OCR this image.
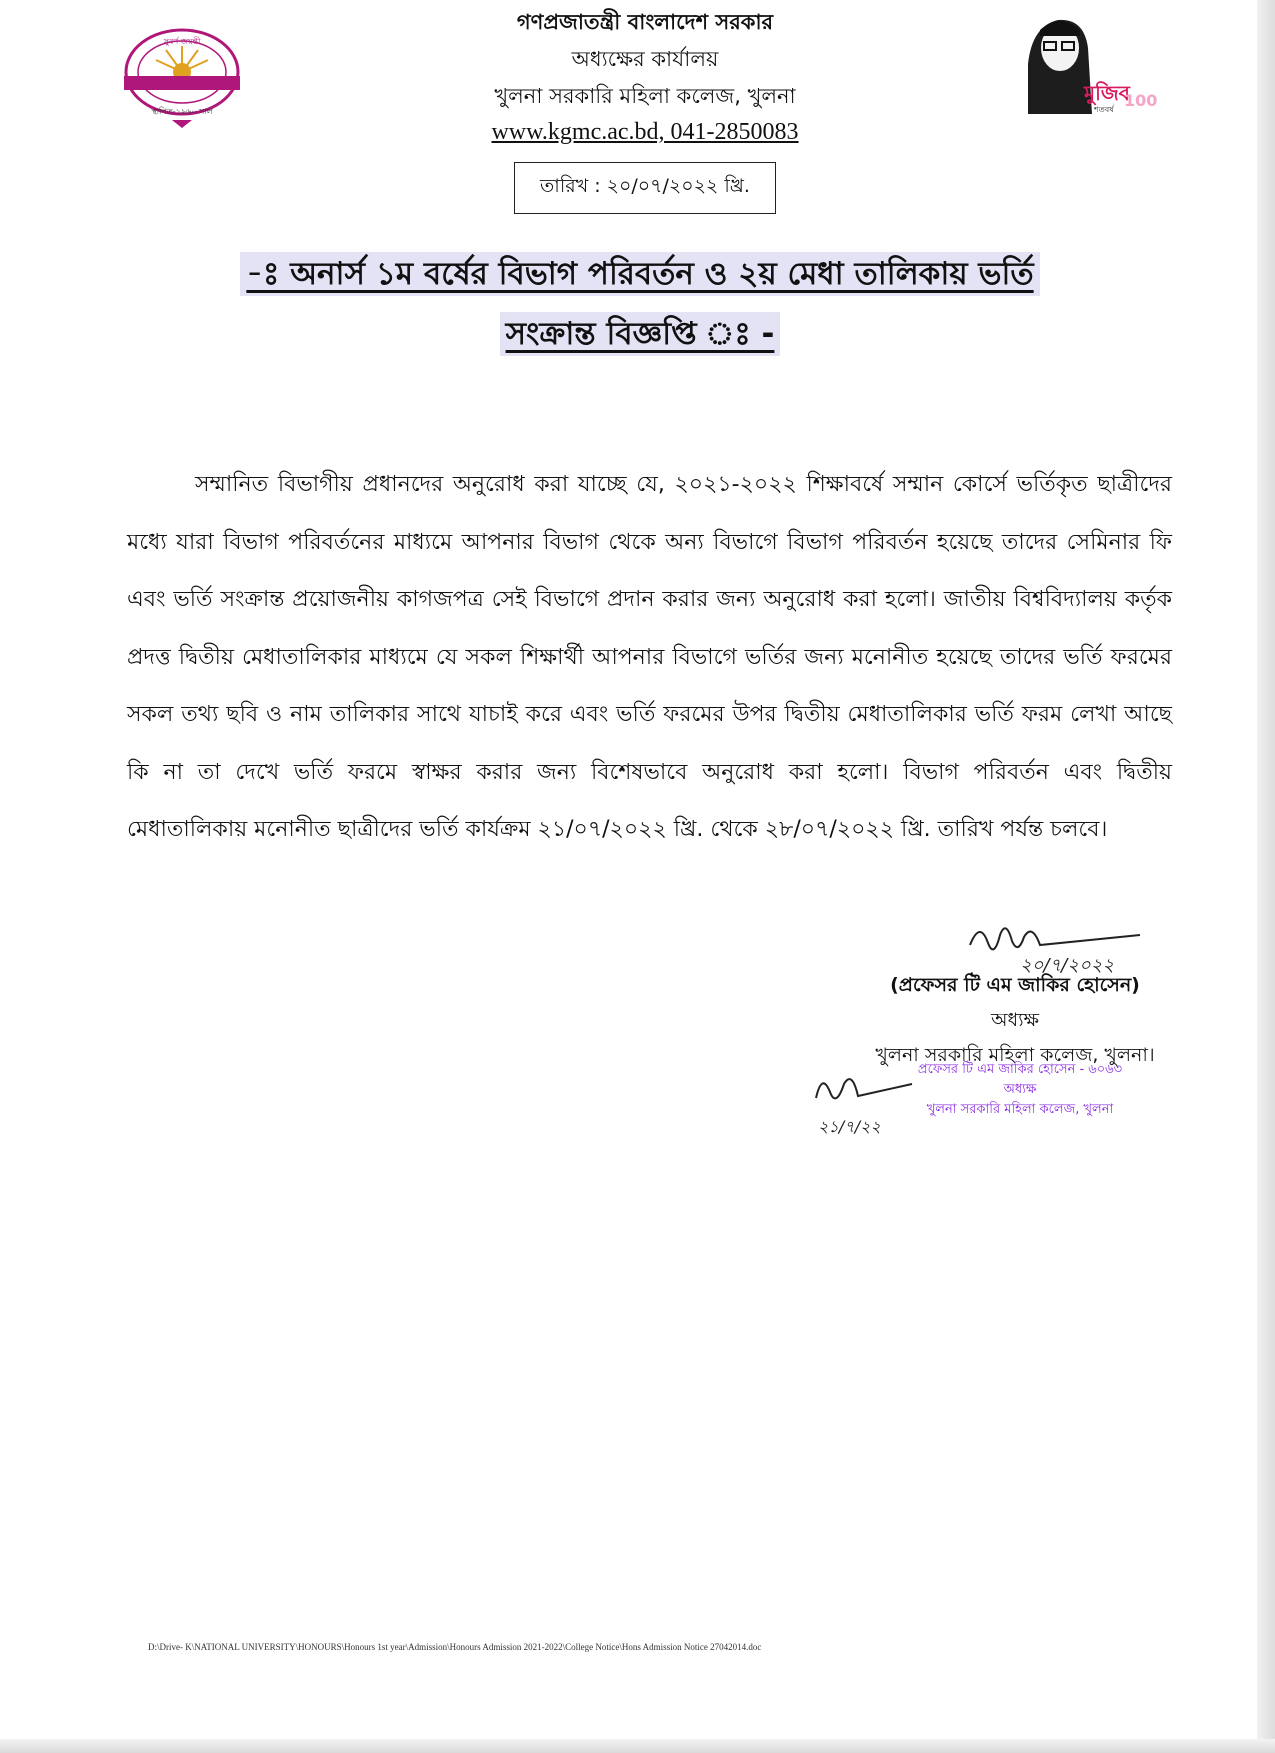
সুবর্ণ জয়ন্তী
স্থাপিত-১৯৬০ সাল
মুজিব
শতবর্ষ 100
গণপ্রজাতন্ত্রী বাংলাদেশ সরকার
অধ্যক্ষের কার্যালয়
খুলনা সরকারি মহিলা কলেজ, খুলনা
www.kgmc.ac.bd, 041-2850083
তারিখ : ২০/০৭/২০২২ খ্রি.
-ঃ অনার্স ১ম বর্ষের বিভাগ পরিবর্তন ও ২য় মেধা তালিকায় ভর্তি
সংক্রান্ত বিজ্ঞপ্তি ঃ -

সম্মানিত বিভাগীয় প্রধানদের অনুরোধ করা যাচ্ছে যে, ২০২১-২০২২ শিক্ষাবর্ষে সম্মান কোর্সে ভর্তিকৃত ছাত্রীদের মধ্যে যারা বিভাগ পরিবর্তনের মাধ্যমে আপনার বিভাগ থেকে অন্য বিভাগে বিভাগ পরিবর্তন হয়েছে তাদের সেমিনার ফি এবং ভর্তি সংক্রান্ত প্রয়োজনীয় কাগজপত্র সেই বিভাগে প্রদান করার জন্য অনুরোধ করা হলো। জাতীয় বিশ্ববিদ্যালয় কর্তৃক প্রদত্ত দ্বিতীয় মেধাতালিকার মাধ্যমে যে সকল শিক্ষার্থী আপনার বিভাগে ভর্তির জন্য মনোনীত হয়েছে তাদের ভর্তি ফরমের সকল তথ্য ছবি ও নাম তালিকার সাথে যাচাই করে এবং ভর্তি ফরমের উপর দ্বিতীয় মেধাতালিকার ভর্তি ফরম লেখা আছে কি না তা দেখে ভর্তি ফরমে স্বাক্ষর করার জন্য বিশেষভাবে অনুরোধ করা হলো। বিভাগ পরিবর্তন এবং দ্বিতীয় মেধাতালিকায় মনোনীত ছাত্রীদের ভর্তি কার্যক্রম ২১/০৭/২০২২ খ্রি. থেকে ২৮/০৭/২০২২ খ্রি. তারিখ পর্যন্ত চলবে।

২০/৭/২০২২
(প্রফেসর টি এম জাকির হোসেন)
অধ্যক্ষ
খুলনা সরকারি মহিলা কলেজ, খুলনা।
২১/৭/২২
প্রফেসর টি এম জাকির হোসেন - ৬০৬৩
অধ্যক্ষ
খুলনা সরকারি মহিলা কলেজ, খুলনা
D:\Drive- K\NATIONAL UNIVERSITY\HONOURS\Honours 1st year\Admission\Honours Admission 2021-2022\College Notice\Hons Admission Notice 27042014.doc
